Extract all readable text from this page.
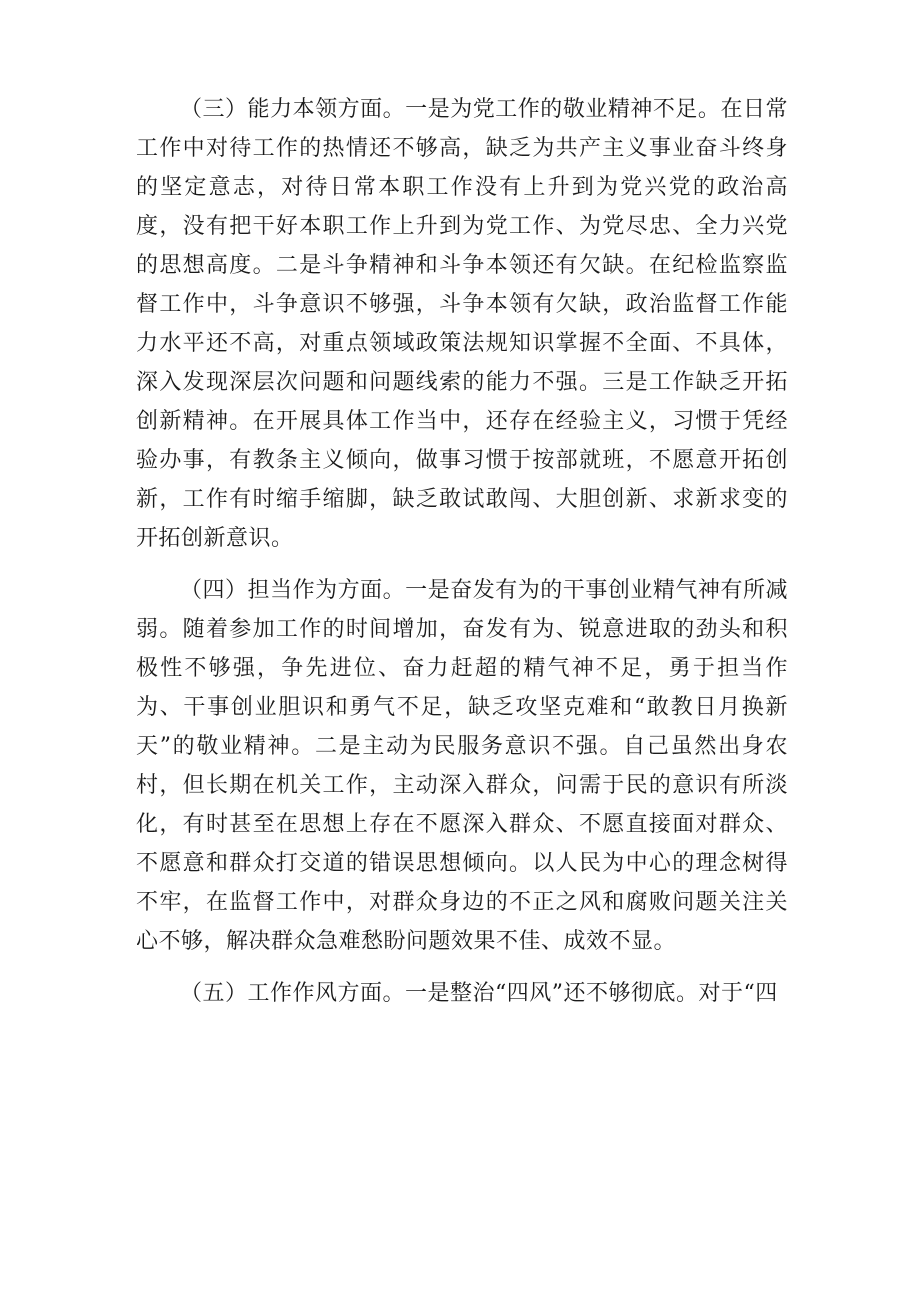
（三）能力本领方面。一是为党工作的敬业精神不足。在日常工作中对待工作的热情还不够高，缺乏为共产主义事业奋斗终身的坚定意志，对待日常本职工作没有上升到为党兴党的政治高度，没有把干好本职工作上升到为党工作、为党尽忠、全力兴党的思想高度。二是斗争精神和斗争本领还有欠缺。在纪检监察监督工作中，斗争意识不够强，斗争本领有欠缺，政治监督工作能力水平还不高，对重点领域政策法规知识掌握不全面、不具体，深入发现深层次问题和问题线索的能力不强。三是工作缺乏开拓创新精神。在开展具体工作当中，还存在经验主义，习惯于凭经验办事，有教条主义倾向，做事习惯于按部就班，不愿意开拓创新，工作有时缩手缩脚，缺乏敢试敢闯、大胆创新、求新求变的开拓创新意识。

（四）担当作为方面。一是奋发有为的干事创业精气神有所减弱。随着参加工作的时间增加，奋发有为、锐意进取的劲头和积极性不够强，争先进位、奋力赶超的精气神不足，勇于担当作为、干事创业胆识和勇气不足，缺乏攻坚克难和“敢教日月换新天”的敬业精神。二是主动为民服务意识不强。自己虽然出身农村，但长期在机关工作，主动深入群众，问需于民的意识有所淡化，有时甚至在思想上存在不愿深入群众、不愿直接面对群众、不愿意和群众打交道的错误思想倾向。以人民为中心的理念树得不牢，在监督工作中，对群众身边的不正之风和腐败问题关注关心不够，解决群众急难愁盼问题效果不佳、成效不显。

（五）工作作风方面。一是整治“四风”还不够彻底。对于“四
